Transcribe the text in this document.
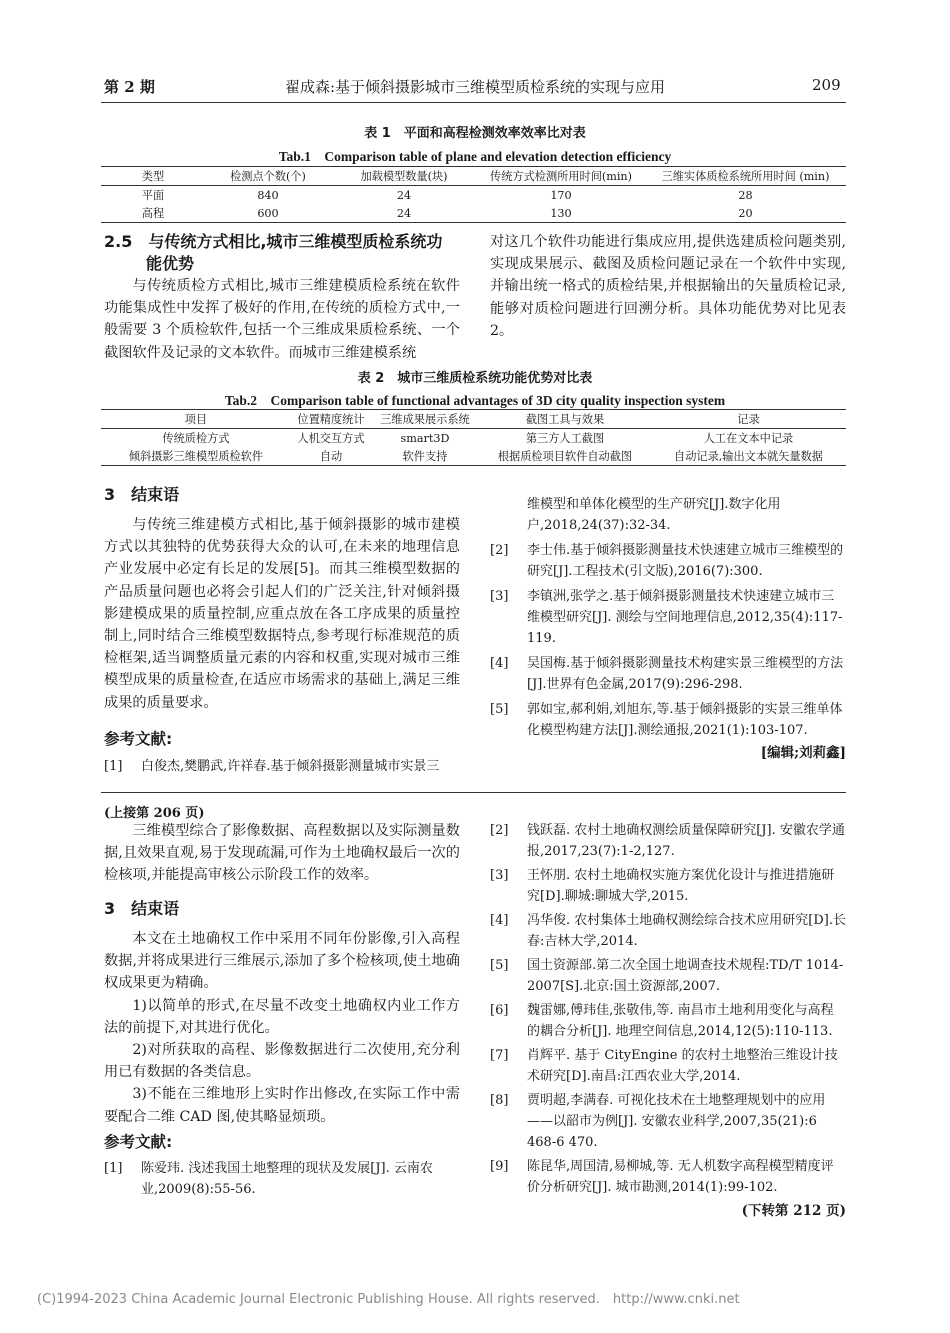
第 2 期	翟成森:基于倾斜摄影城市三维模型质检系统的实现与应用	209
表 1　平面和高程检测效率效率比对表
Tab.1　Comparison table of plane and elevation detection efficiency
类型	检测点个数(个)	加载模型数量(块)	传统方式检测所用时间(min)	三维实体质检系统所用时间 (min)
平面	840	24	170	28
高程	600	24	130	20
2.5　与传统方式相比,城市三维模型质检系统功
能优势
与传统质检方式相比,城市三维建模质检系统在软件功能集成性中发挥了极好的作用,在传统的质检方式中,一般需要 3 个质检软件,包括一个三维成果质检系统、一个截图软件及记录的文本软件。而城市三维建模系统
对这几个软件功能进行集成应用,提供选建质检问题类别,实现成果展示、截图及质检问题记录在一个软件中实现,并输出统一格式的质检结果,并根据输出的矢量质检记录,能够对质检问题进行回溯分析。具体功能优势对比见表 2。
表 2　城市三维质检系统功能优势对比表
Tab.2　Comparison table of functional advantages of 3D city quality inspection system
项目	位置精度统计	三维成果展示系统	截图工具与效果	记录
传统质检方式	人机交互方式	smart3D	第三方人工截图	人工在文本中记录
倾斜摄影三维模型质检软件	自动	软件支持	根据质检项目软件自动截图	自动记录,输出文本就矢量数据
3　结束语
与传统三维建模方式相比,基于倾斜摄影的城市建模方式以其独特的优势获得大众的认可,在未来的地理信息产业发展中必定有长足的发展[5]。而其三维模型数据的产品质量问题也必将会引起人们的广泛关注,针对倾斜摄影建模成果的质量控制,应重点放在各工序成果的质量控制上,同时结合三维模型数据特点,参考现行标准规范的质检框架,适当调整质量元素的内容和权重,实现对城市三维模型成果的质量检查,在适应市场需求的基础上,满足三维成果的质量要求。
参考文献:
[1]	白俊杰,樊鹏武,许祥春.基于倾斜摄影测量城市实景三
维模型和单体化模型的生产研究[J].数字化用户,2018,24(37):32-34.
[2]	李士伟.基于倾斜摄影测量技术快速建立城市三维模型的研究[J].工程技术(引文版),2016(7):300.
[3]	李镇洲,张学之.基于倾斜摄影测量技术快速建立城市三维模型研究[J]. 测绘与空间地理信息,2012,35(4):117-119.
[4]	吴国梅.基于倾斜摄影测量技术构建实景三维模型的方法[J].世界有色金属,2017(9):296-298.
[5]	郭如宝,郝利娟,刘旭东,等.基于倾斜摄影的实景三维单体化模型构建方法[J].测绘通报,2021(1):103-107.
[编辑;刘莉鑫]
(上接第 206 页)
三维模型综合了影像数据、高程数据以及实际测量数据,且效果直观,易于发现疏漏,可作为土地确权最后一次的检核项,并能提高审核公示阶段工作的效率。
3　结束语
本文在土地确权工作中采用不同年份影像,引入高程数据,并将成果进行三维展示,添加了多个检核项,使土地确权成果更为精确。
1)以简单的形式,在尽量不改变土地确权内业工作方法的前提下,对其进行优化。
2)对所获取的高程、影像数据进行二次使用,充分利用已有数据的各类信息。
3)不能在三维地形上实时作出修改,在实际工作中需要配合二维 CAD 图,使其略显烦琐。
参考文献:
[1]	陈爱玮. 浅述我国土地整理的现状及发展[J]. 云南农业,2009(8):55-56.
[2]	钱跃磊. 农村土地确权测绘质量保障研究[J]. 安徽农学通报,2017,23(7):1-2,127.
[3]	王怀朋. 农村土地确权实施方案优化设计与推进措施研究[D].聊城:聊城大学,2015.
[4]	冯华俊. 农村集体土地确权测绘综合技术应用研究[D].长春:吉林大学,2014.
[5]	国土资源部.第二次全国土地调查技术规程:TD/T 1014-2007[S].北京:国土资源部,2007.
[6]	魏雷娜,傅玮佳,张敬伟,等. 南昌市土地利用变化与高程的耦合分析[J]. 地理空间信息,2014,12(5):110-113.
[7]	肖辉平. 基于 CityEngine 的农村土地整治三维设计技术研究[D].南昌:江西农业大学,2014.
[8]	贾明超,李满春. 可视化技术在土地整理规划中的应用——以韶市为例[J]. 安徽农业科学,2007,35(21):6 468-6 470.
[9]	陈昆华,周国清,易柳城,等. 无人机数字高程模型精度评价分析研究[J]. 城市勘测,2014(1):99-102.
(下转第 212 页)
(C)1994-2023 China Academic Journal Electronic Publishing House. All rights reserved.　http://www.cnki.net
